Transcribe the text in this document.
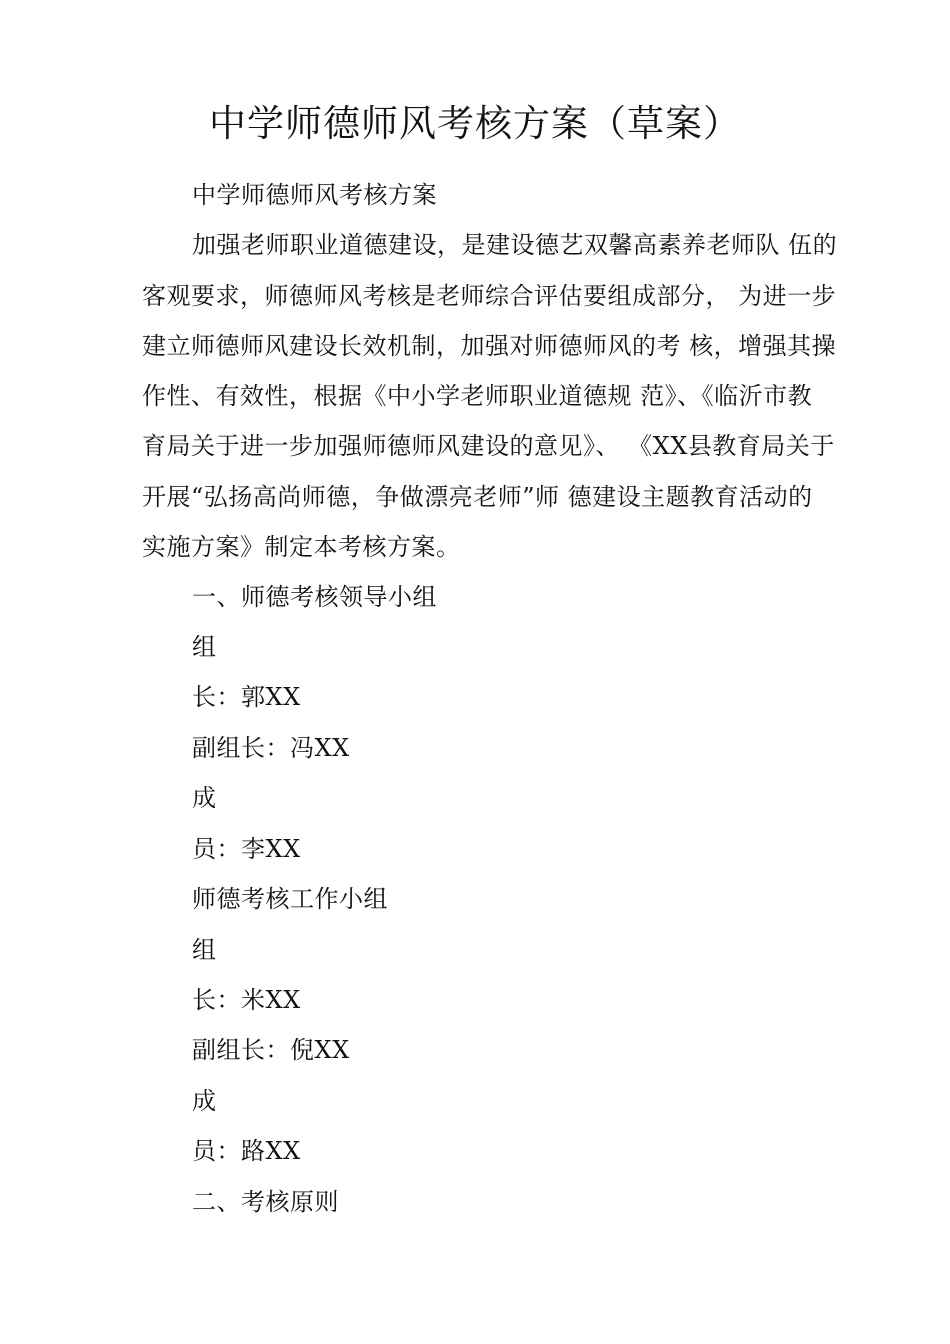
中学师德师风考核方案（草案）
中学师德师风考核方案
加强老师职业道德建设，是建设德艺双馨高素养老师队 伍的
客观要求，师德师风考核是老师综合评估要组成部分， 为进一步
建立师德师风建设长效机制，加强对师德师风的考 核，增强其操
作性、有效性，根据《中小学老师职业道德规 范》、《临沂市教
育局关于进一步加强师德师风建设的意见》、 《XX县教育局关于
开展“弘扬高尚师德，争做漂亮老师”师 德建设主题教育活动的
实施方案》制定本考核方案。
一、师德考核领导小组
组
长：郭XX
副组长：冯XX
成
员：李XX
师德考核工作小组
组
长：米XX
副组长：倪XX
成
员：路XX
二、考核原则
